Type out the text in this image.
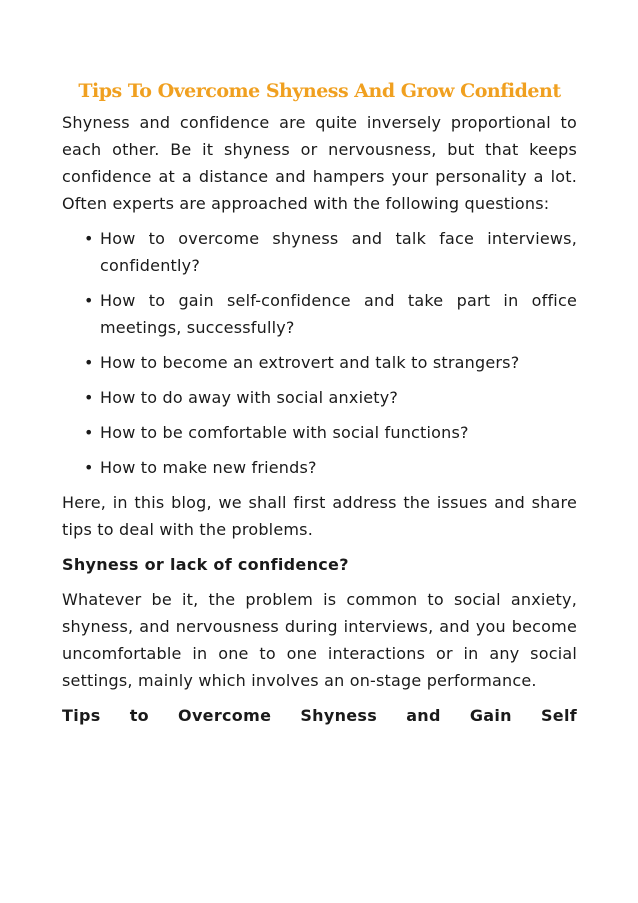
Tips To Overcome Shyness And Grow Confident

Shyness and confidence are quite inversely proportional to each other. Be it shyness or nervousness, but that keeps confidence at a distance and hampers your personality a lot. Often experts are approached with the following questions:

• How to overcome shyness and talk face interviews, confidently?
• How to gain self-confidence and take part in office meetings, successfully?
• How to become an extrovert and talk to strangers?
• How to do away with social anxiety?
• How to be comfortable with social functions?
• How to make new friends?

Here, in this blog, we shall first address the issues and share tips to deal with the problems.

Shyness or lack of confidence?

Whatever be it, the problem is common to social anxiety, shyness, and nervousness during interviews, and you become uncomfortable in one to one interactions or in any social settings, mainly which involves an on-stage performance.

Tips to Overcome Shyness and Gain Self
